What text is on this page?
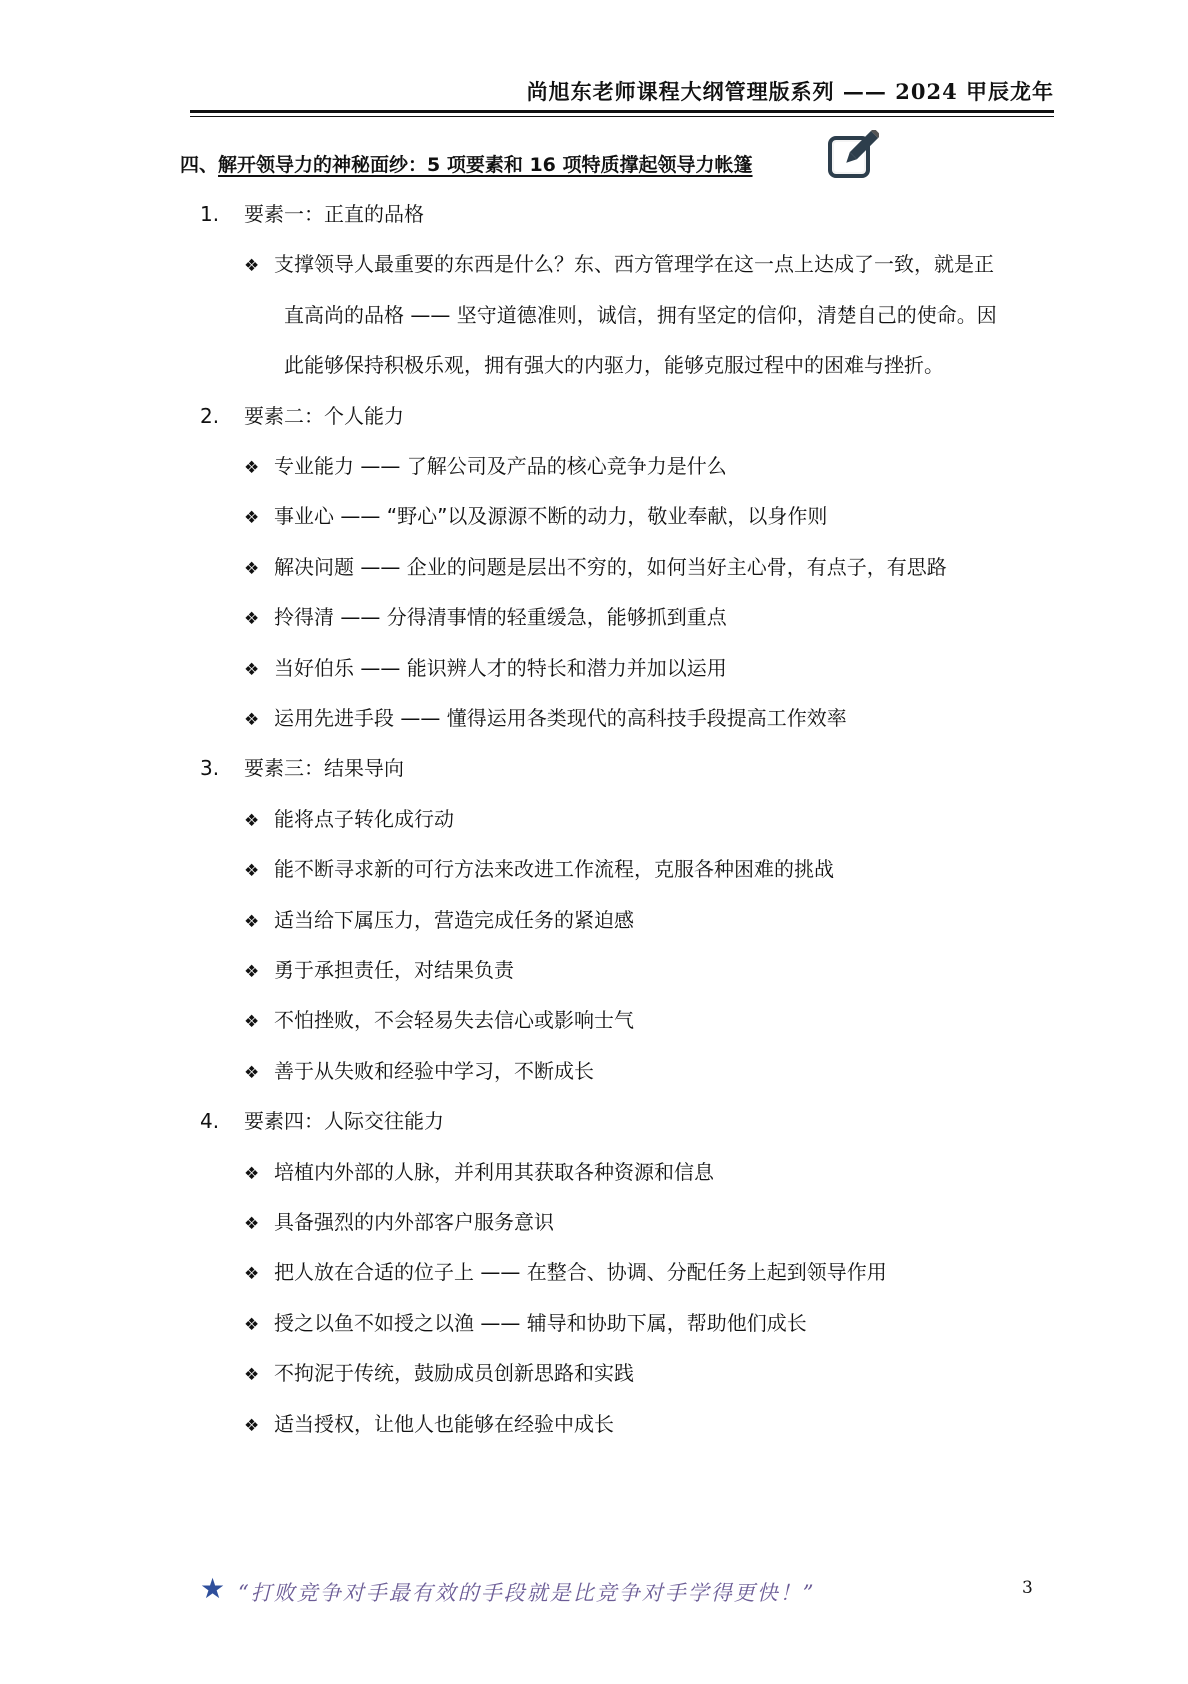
尚旭东老师课程大纲管理版系列 —— 2024 甲辰龙年
四、解开领导力的神秘面纱：5 项要素和 16 项特质撑起领导力帐篷
1. 要素一：正直的品格
❖ 支撑领导人最重要的东西是什么？东、西方管理学在这一点上达成了一致，就是正
直高尚的品格 —— 坚守道德准则，诚信，拥有坚定的信仰，清楚自己的使命。因
此能够保持积极乐观，拥有强大的内驱力，能够克服过程中的困难与挫折。
2. 要素二：个人能力
❖ 专业能力 —— 了解公司及产品的核心竞争力是什么
❖ 事业心 —— “野心”以及源源不断的动力，敬业奉献，以身作则
❖ 解决问题 —— 企业的问题是层出不穷的，如何当好主心骨，有点子，有思路
❖ 拎得清 —— 分得清事情的轻重缓急，能够抓到重点
❖ 当好伯乐 —— 能识辨人才的特长和潜力并加以运用
❖ 运用先进手段 —— 懂得运用各类现代的高科技手段提高工作效率
3. 要素三：结果导向
❖ 能将点子转化成行动
❖ 能不断寻求新的可行方法来改进工作流程，克服各种困难的挑战
❖ 适当给下属压力，营造完成任务的紧迫感
❖ 勇于承担责任，对结果负责
❖ 不怕挫败，不会轻易失去信心或影响士气
❖ 善于从失败和经验中学习，不断成长
4. 要素四：人际交往能力
❖ 培植内外部的人脉，并利用其获取各种资源和信息
❖ 具备强烈的内外部客户服务意识
❖ 把人放在合适的位子上 —— 在整合、协调、分配任务上起到领导作用
❖ 授之以鱼不如授之以渔 —— 辅导和协助下属，帮助他们成长
❖ 不拘泥于传统，鼓励成员创新思路和实践
❖ 适当授权，让他人也能够在经验中成长
★ “打败竞争对手最有效的手段就是比竞争对手学得更快！”	3
